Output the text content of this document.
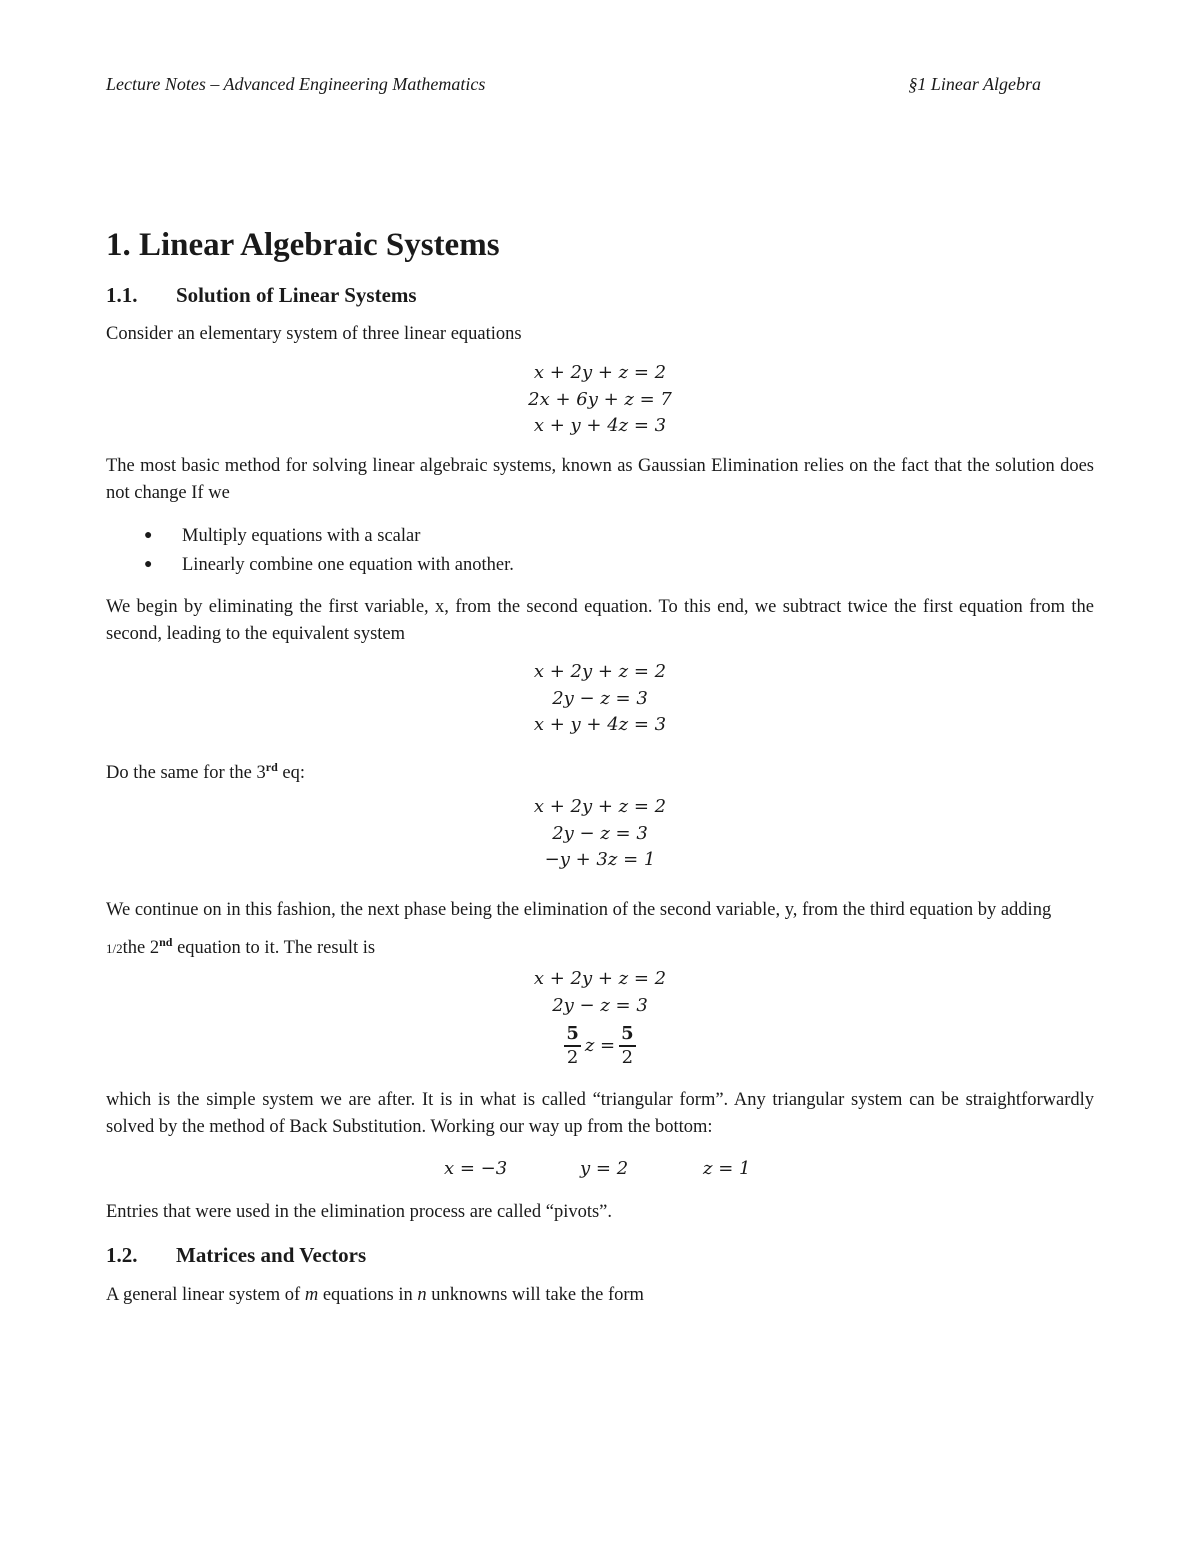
Lecture Notes – Advanced Engineering Mathematics	§1 Linear Algebra
1. Linear Algebraic Systems
1.1. Solution of Linear Systems

Consider an elementary system of three linear equations

x + 2y + z = 2
2x + 6y + z = 7
x + y + 4z = 3

The most basic method for solving linear algebraic systems, known as Gaussian Elimination relies on the fact that the solution does not change If we

● Multiply equations with a scalar
● Linearly combine one equation with another.

We begin by eliminating the first variable, x, from the second equation. To this end, we subtract twice the first equation from the second, leading to the equivalent system

x + 2y + z = 2
2y − z = 3
x + y + 4z = 3

Do the same for the 3rd eq:

x + 2y + z = 2
2y − z = 3
−y + 3z = 1

We continue on in this fashion, the next phase being the elimination of the second variable, y, from the third equation by adding 1/2the 2nd equation to it. The result is

x + 2y + z = 2
2y − z = 3
$\frac{5}{2}$ $z = \frac{5}{2}$

which is the simple system we are after. It is in what is called “triangular form”. Any triangular system can be straightforwardly solved by the method of Back Substitution. Working our way up from the bottom:

x = −3	y = 2	z = 1

Entries that were used in the elimination process are called “pivots”.

1.2. Matrices and Vectors

A general linear system of m equations in n unknowns will take the form
